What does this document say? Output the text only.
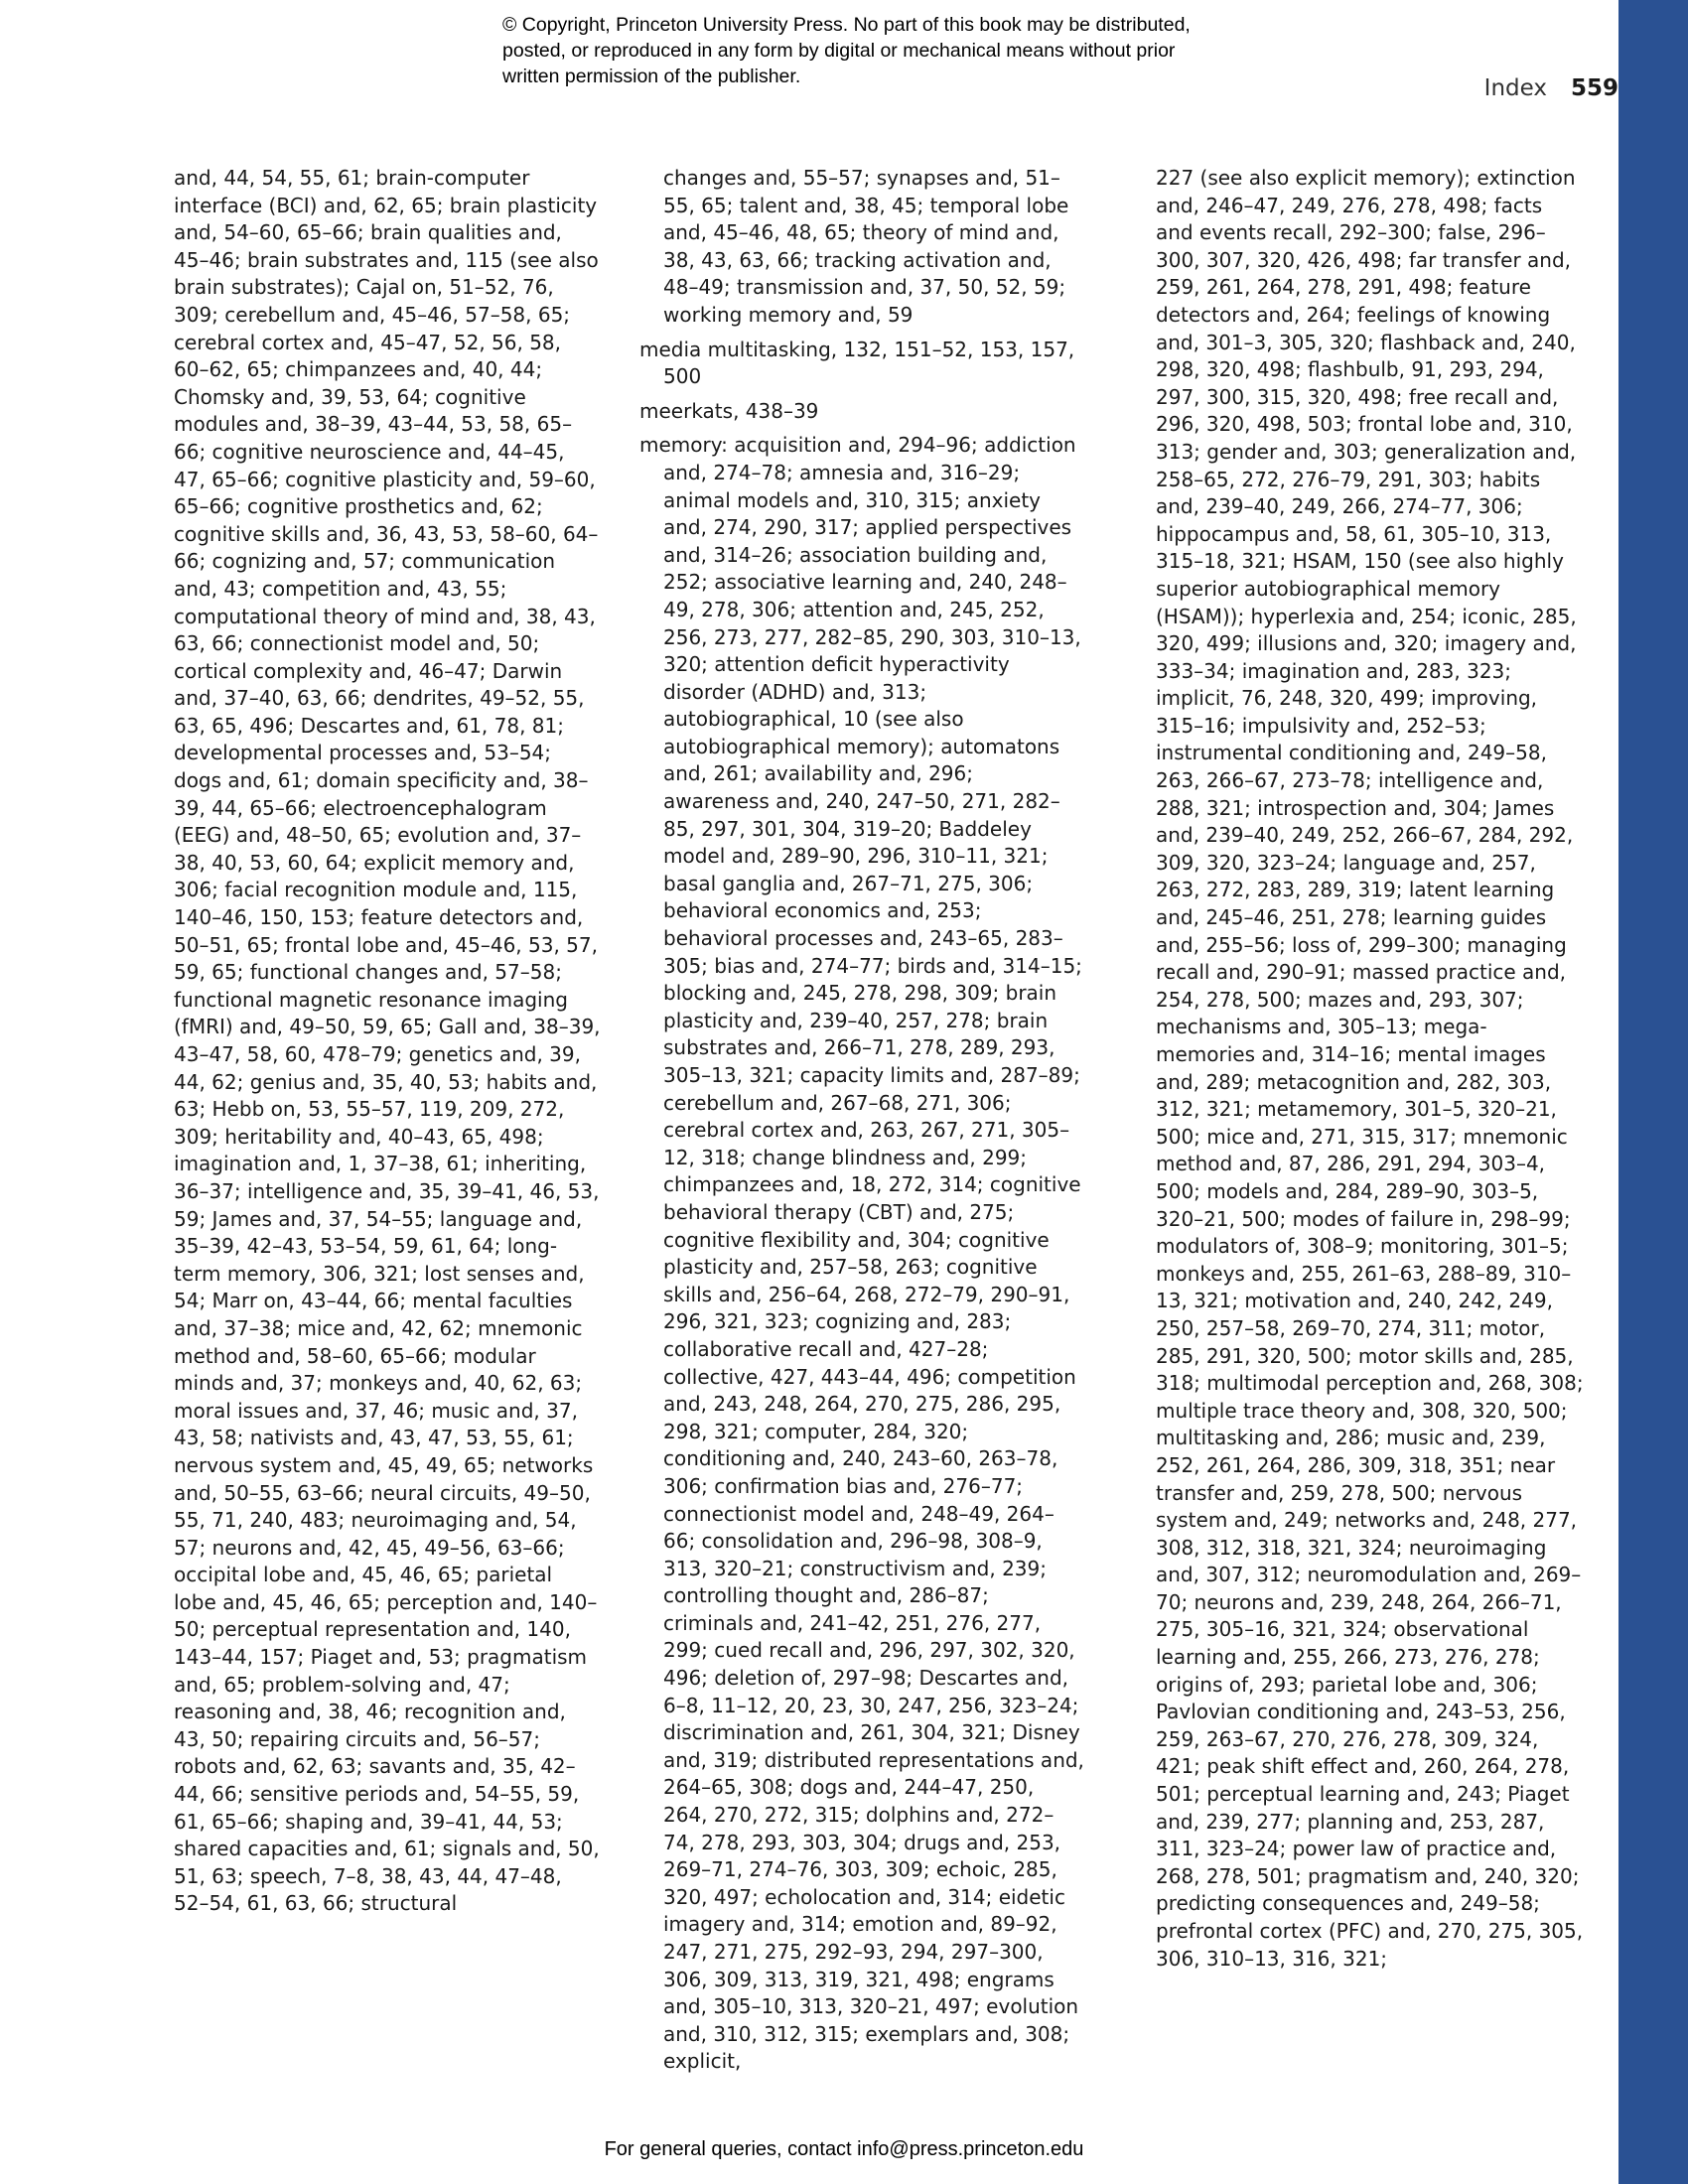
© Copyright, Princeton University Press. No part of this book may be distributed, posted, or reproduced in any form by digital or mechanical means without prior written permission of the publisher.	Index 559

and, 44, 54, 55, 61; brain-computer interface (BCI) and, 62, 65; brain plasticity and, 54–60, 65–66; brain qualities and, 45–46; brain substrates and, 115 (see also brain substrates); Cajal on, 51–52, 76, 309; cerebellum and, 45–46, 57–58, 65; cerebral cortex and, 45–47, 52, 56, 58, 60–62, 65; chimpanzees and, 40, 44; Chomsky and, 39, 53, 64; cognitive modules and, 38–39, 43–44, 53, 58, 65–66; cognitive neuroscience and, 44–45, 47, 65–66; cognitive plasticity and, 59–60, 65–66; cognitive prosthetics and, 62; cognitive skills and, 36, 43, 53, 58–60, 64–66; cognizing and, 57; communication and, 43; competition and, 43, 55; computational theory of mind and, 38, 43, 63, 66; connectionist model and, 50; cortical complexity and, 46–47; Darwin and, 37–40, 63, 66; dendrites, 49–52, 55, 63, 65, 496; Descartes and, 61, 78, 81; developmental processes and, 53–54; dogs and, 61; domain specificity and, 38–39, 44, 65–66; electroencephalogram (EEG) and, 48–50, 65; evolution and, 37–38, 40, 53, 60, 64; explicit memory and, 306; facial recognition module and, 115, 140–46, 150, 153; feature detectors and, 50–51, 65; frontal lobe and, 45–46, 53, 57, 59, 65; functional changes and, 57–58; functional magnetic resonance imaging (fMRI) and, 49–50, 59, 65; Gall and, 38–39, 43–47, 58, 60, 478–79; genetics and, 39, 44, 62; genius and, 35, 40, 53; habits and, 63; Hebb on, 53, 55–57, 119, 209, 272, 309; heritability and, 40–43, 65, 498; imagination and, 1, 37–38, 61; inheriting, 36–37; intelligence and, 35, 39–41, 46, 53, 59; James and, 37, 54–55; language and, 35–39, 42–43, 53–54, 59, 61, 64; long-term memory, 306, 321; lost senses and, 54; Marr on, 43–44, 66; mental faculties and, 37–38; mice and, 42, 62; mnemonic method and, 58–60, 65–66; modular minds and, 37; monkeys and, 40, 62, 63; moral issues and, 37, 46; music and, 37, 43, 58; nativists and, 43, 47, 53, 55, 61; nervous system and, 45, 49, 65; networks and, 50–55, 63–66; neural circuits, 49–50, 55, 71, 240, 483; neuroimaging and, 54, 57; neurons and, 42, 45, 49–56, 63–66; occipital lobe and, 45, 46, 65; parietal lobe and, 45, 46, 65; perception and, 140–50; perceptual representation and, 140, 143–44, 157; Piaget and, 53; pragmatism and, 65; problem-solving and, 47; reasoning and, 38, 46; recognition and, 43, 50; repairing circuits and, 56–57; robots and, 62, 63; savants and, 35, 42–44, 66; sensitive periods and, 54–55, 59, 61, 65–66; shaping and, 39–41, 44, 53; shared capacities and, 61; signals and, 50, 51, 63; speech, 7–8, 38, 43, 44, 47–48, 52–54, 61, 63, 66; structural

changes and, 55–57; synapses and, 51–55, 65; talent and, 38, 45; temporal lobe and, 45–46, 48, 65; theory of mind and, 38, 43, 63, 66; tracking activation and, 48–49; transmission and, 37, 50, 52, 59; working memory and, 59

media multitasking, 132, 151–52, 153, 157, 500

meerkats, 438–39

memory: acquisition and, 294–96; addiction and, 274–78; amnesia and, 316–29; animal models and, 310, 315; anxiety and, 274, 290, 317; applied perspectives and, 314–26; association building and, 252; associative learning and, 240, 248–49, 278, 306; attention and, 245, 252, 256, 273, 277, 282–85, 290, 303, 310–13, 320; attention deficit hyperactivity disorder (ADHD) and, 313; autobiographical, 10 (see also autobiographical memory); automatons and, 261; availability and, 296; awareness and, 240, 247–50, 271, 282–85, 297, 301, 304, 319–20; Baddeley model and, 289–90, 296, 310–11, 321; basal ganglia and, 267–71, 275, 306; behavioral economics and, 253; behavioral processes and, 243–65, 283–305; bias and, 274–77; birds and, 314–15; blocking and, 245, 278, 298, 309; brain plasticity and, 239–40, 257, 278; brain substrates and, 266–71, 278, 289, 293, 305–13, 321; capacity limits and, 287–89; cerebellum and, 267–68, 271, 306; cerebral cortex and, 263, 267, 271, 305–12, 318; change blindness and, 299; chimpanzees and, 18, 272, 314; cognitive behavioral therapy (CBT) and, 275; cognitive flexibility and, 304; cognitive plasticity and, 257–58, 263; cognitive skills and, 256–64, 268, 272–79, 290–91, 296, 321, 323; cognizing and, 283; collaborative recall and, 427–28; collective, 427, 443–44, 496; competition and, 243, 248, 264, 270, 275, 286, 295, 298, 321; computer, 284, 320; conditioning and, 240, 243–60, 263–78, 306; confirmation bias and, 276–77; connectionist model and, 248–49, 264–66; consolidation and, 296–98, 308–9, 313, 320–21; constructivism and, 239; controlling thought and, 286–87; criminals and, 241–42, 251, 276, 277, 299; cued recall and, 296, 297, 302, 320, 496; deletion of, 297–98; Descartes and, 6–8, 11–12, 20, 23, 30, 247, 256, 323–24; discrimination and, 261, 304, 321; Disney and, 319; distributed representations and, 264–65, 308; dogs and, 244–47, 250, 264, 270, 272, 315; dolphins and, 272–74, 278, 293, 303, 304; drugs and, 253, 269–71, 274–76, 303, 309; echoic, 285, 320, 497; echolocation and, 314; eidetic imagery and, 314; emotion and, 89–92, 247, 271, 275, 292–93, 294, 297–300, 306, 309, 313, 319, 321, 498; engrams and, 305–10, 313, 320–21, 497; evolution and, 310, 312, 315; exemplars and, 308; explicit,

227 (see also explicit memory); extinction and, 246–47, 249, 276, 278, 498; facts and events recall, 292–300; false, 296–300, 307, 320, 426, 498; far transfer and, 259, 261, 264, 278, 291, 498; feature detectors and, 264; feelings of knowing and, 301–3, 305, 320; flashback and, 240, 298, 320, 498; flashbulb, 91, 293, 294, 297, 300, 315, 320, 498; free recall and, 296, 320, 498, 503; frontal lobe and, 310, 313; gender and, 303; generalization and, 258–65, 272, 276–79, 291, 303; habits and, 239–40, 249, 266, 274–77, 306; hippocampus and, 58, 61, 305–10, 313, 315–18, 321; HSAM, 150 (see also highly superior autobiographical memory (HSAM)); hyperlexia and, 254; iconic, 285, 320, 499; illusions and, 320; imagery and, 333–34; imagination and, 283, 323; implicit, 76, 248, 320, 499; improving, 315–16; impulsivity and, 252–53; instrumental conditioning and, 249–58, 263, 266–67, 273–78; intelligence and, 288, 321; introspection and, 304; James and, 239–40, 249, 252, 266–67, 284, 292, 309, 320, 323–24; language and, 257, 263, 272, 283, 289, 319; latent learning and, 245–46, 251, 278; learning guides and, 255–56; loss of, 299–300; managing recall and, 290–91; massed practice and, 254, 278, 500; mazes and, 293, 307; mechanisms and, 305–13; mega-memories and, 314–16; mental images and, 289; metacognition and, 282, 303, 312, 321; metamemory, 301–5, 320–21, 500; mice and, 271, 315, 317; mnemonic method and, 87, 286, 291, 294, 303–4, 500; models and, 284, 289–90, 303–5, 320–21, 500; modes of failure in, 298–99; modulators of, 308–9; monitoring, 301–5; monkeys and, 255, 261–63, 288–89, 310–13, 321; motivation and, 240, 242, 249, 250, 257–58, 269–70, 274, 311; motor, 285, 291, 320, 500; motor skills and, 285, 318; multimodal perception and, 268, 308; multiple trace theory and, 308, 320, 500; multitasking and, 286; music and, 239, 252, 261, 264, 286, 309, 318, 351; near transfer and, 259, 278, 500; nervous system and, 249; networks and, 248, 277, 308, 312, 318, 321, 324; neuroimaging and, 307, 312; neuromodulation and, 269–70; neurons and, 239, 248, 264, 266–71, 275, 305–16, 321, 324; observational learning and, 255, 266, 273, 276, 278; origins of, 293; parietal lobe and, 306; Pavlovian conditioning and, 243–53, 256, 259, 263–67, 270, 276, 278, 309, 324, 421; peak shift effect and, 260, 264, 278, 501; perceptual learning and, 243; Piaget and, 239, 277; planning and, 253, 287, 311, 323–24; power law of practice and, 268, 278, 501; pragmatism and, 240, 320; predicting consequences and, 249–58; prefrontal cortex (PFC) and, 270, 275, 305, 306, 310–13, 316, 321;

For general queries, contact info@press.princeton.edu
